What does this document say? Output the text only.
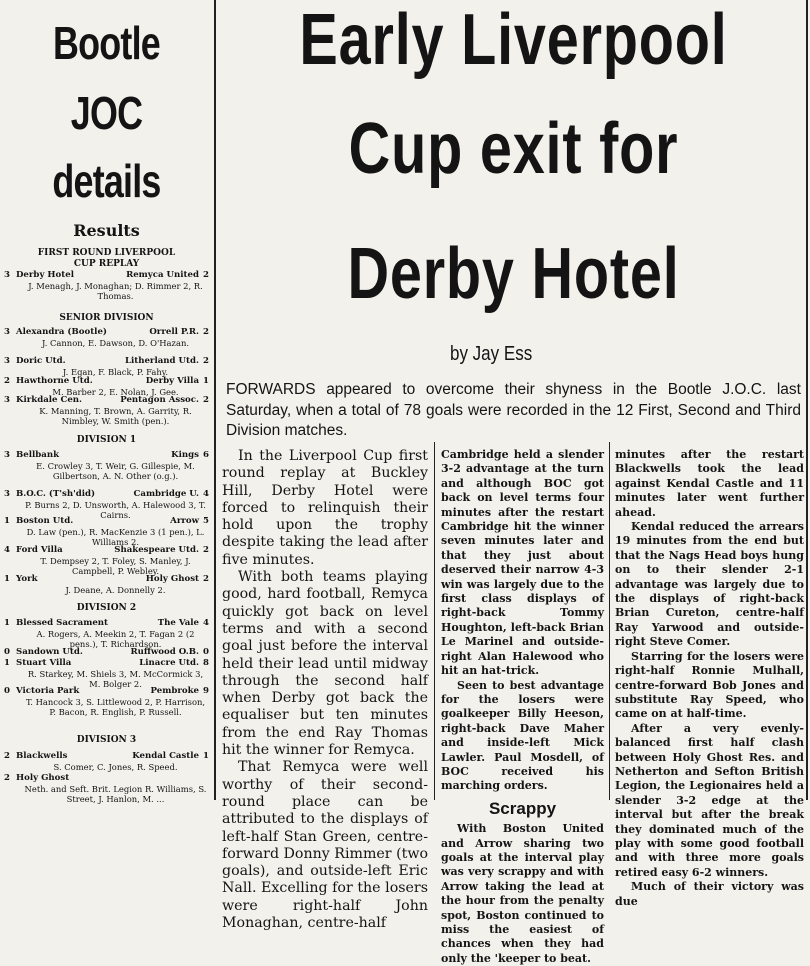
Bootle
JOC
details
Results
FIRST ROUND LIVERPOOL CUP REPLAY
3 Derby Hotel	Remyca United 2
J. Menagh, J. Monaghan; D. Rimmer 2, R. Thomas.
SENIOR DIVISION
3 Alexandra (Bootle)	Orrell P.R. 2
J. Cannon, E. Dawson, D. O'Hazan.
3 Doric Utd.	Litherland Utd. 2
J. Egan, F. Black, P. Fahy.
2 Hawthorne Utd.	Derby Villa 1
M. Barber 2, E. Nolan, J. Gee.
3 Kirkdale Cen.	Pentagon Assoc. 2
K. Manning, T. Brown, A. Garrity, R. Nimbley, W. Smith (pen.).
DIVISION 1
3 Bellbank	Kings 6
E. Crowley 3, T. Weir, G. Gillespie, M. Gilbertson, A. N. Other (o.g.).
3 B.O.C. (T'sh'did)	Cambridge U. 4
P. Burns 2, D. Unsworth, A. Halewood 3, T. Cairns.
1 Boston Utd.	Arrow 5
D. Law (pen.), R. MacKenzie 3 (1 pen.), L. Williams 2.
4 Ford Villa	Shakespeare Utd. 2
T. Dempsey 2, T. Foley, S. Manley, J. Campbell, P. Webley.
1 York	Holy Ghost 2
J. Deane, A. Donnelly 2.
DIVISION 2
1 Blessed Sacrament	The Vale 4
A. Rogers, A. Meekin 2, T. Fagan 2 (2 pens.), T. Richardson.
0 Sandown Utd.	Ruffwood O.B. 0
1 Stuart Villa	Linacre Utd. 8
R. Starkey, M. Shiels 3, M. McCormick 3, M. Bolger 2.
0 Victoria Park	Pembroke 9
T. Hancock 3, S. Littlewood 2, P. Harrison, P. Bacon, R. English, P. Russell.
DIVISION 3
2 Blackwells	Kendal Castle 1
S. Comer, C. Jones, R. Speed.
2 Holy Ghost
Neth. and Seft. Brit. Legion R. Williams, S. Street, J. Hanlon, M. ...
Early Liverpool
Cup exit for
Derby Hotel
by Jay Ess
FORWARDS appeared to overcome their shyness in the Bootle J.O.C. last Saturday, when a total of 78 goals were recorded in the 12 First, Second and Third Division matches.

In the Liverpool Cup first round replay at Buckley Hill, Derby Hotel were forced to relinquish their hold upon the trophy despite taking the lead after five minutes.

With both teams playing good, hard football, Remyca quickly got back on level terms and with a second goal just before the interval held their lead until midway through the second half when Derby got back the equaliser but ten minutes from the end Ray Thomas hit the winner for Remyca.

That Remyca were well worthy of their second-round place can be attributed to the displays of left-half Stan Green, centre-forward Donny Rimmer (two goals), and outside-left Eric Nall. Excelling for the losers were right-half John Monaghan, centre-half

Cambridge held a slender 3-2 advantage at the turn and although BOC got back on level terms four minutes after the restart Cambridge hit the winner seven minutes later and that they just about deserved their narrow 4-3 win was largely due to the first class displays of right-back Tommy Houghton, left-back Brian Le Marinel and outside-right Alan Halewood who hit an hat-trick.

Seen to best advantage for the losers were goalkeeper Billy Heeson, right-back Dave Maher and inside-left Mick Lawler. Paul Mosdell, of BOC received his marching orders.

Scrappy

With Boston United and Arrow sharing two goals at the interval play was very scrappy and with Arrow taking the lead at the hour from the penalty spot, Boston continued to miss the easiest of chances when they had only the 'keeper to beat.

minutes after the restart Blackwells took the lead against Kendal Castle and 11 minutes later went further ahead.

Kendal reduced the arrears 19 minutes from the end but that the Nags Head boys hung on to their slender 2-1 advantage was largely due to the displays of right-back Brian Cureton, centre-half Ray Yarwood and outside-right Steve Comer.

Starring for the losers were right-half Ronnie Mulhall, centre-forward Bob Jones and substitute Ray Speed, who came on at half-time.

After a very evenly-balanced first half clash between Holy Ghost Res. and Netherton and Sefton British Legion, the Legionaires held a slender 3-2 edge at the interval but after the break they dominated much of the play with some good football and with three more goals retired easy 6-2 winners.

Much of their victory was due
